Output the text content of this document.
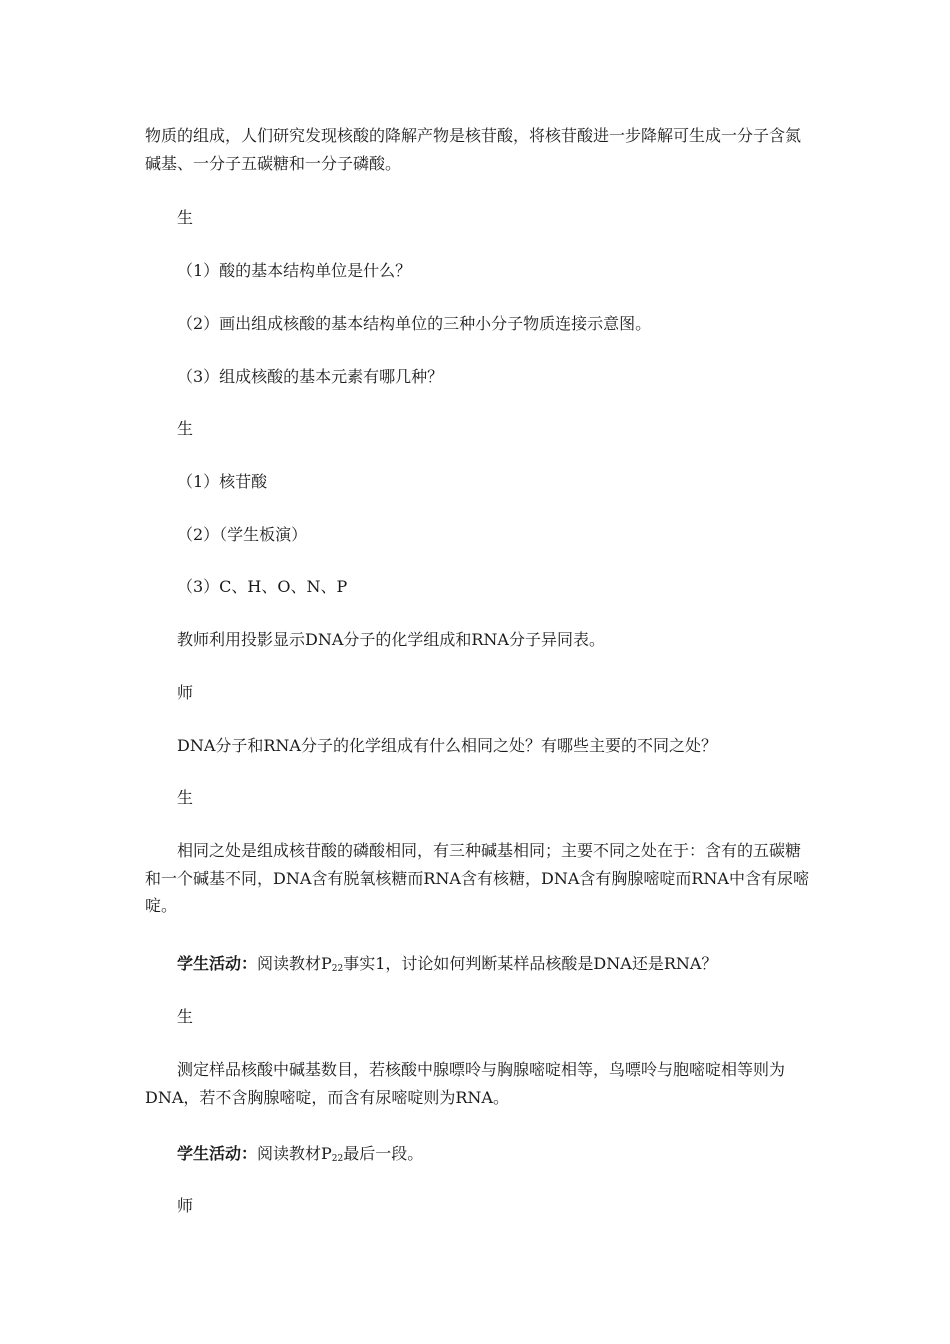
物质的组成，人们研究发现核酸的降解产物是核苷酸，将核苷酸进一步降解可生成一分子含氮碱基、一分子五碳糖和一分子磷酸。

生

（1）酸的基本结构单位是什么？

（2）画出组成核酸的基本结构单位的三种小分子物质连接示意图。

（3）组成核酸的基本元素有哪几种？

生

（1）核苷酸

（2）（学生板演）

（3）C、H、O、N、P

教师利用投影显示DNA分子的化学组成和RNA分子异同表。

师

DNA分子和RNA分子的化学组成有什么相同之处？有哪些主要的不同之处？

生

相同之处是组成核苷酸的磷酸相同，有三种碱基相同；主要不同之处在于：含有的五碳糖和一个碱基不同，DNA含有脱氧核糖而RNA含有核糖，DNA含有胸腺嘧啶而RNA中含有尿嘧啶。

学生活动：阅读教材$P_{22}$事实1，讨论如何判断某样品核酸是DNA还是RNA？

生

测定样品核酸中碱基数目，若核酸中腺嘌呤与胸腺嘧啶相等，鸟嘌呤与胞嘧啶相等则为DNA，若不含胸腺嘧啶，而含有尿嘧啶则为RNA。

学生活动：阅读教材$P_{22}$最后一段。

师
